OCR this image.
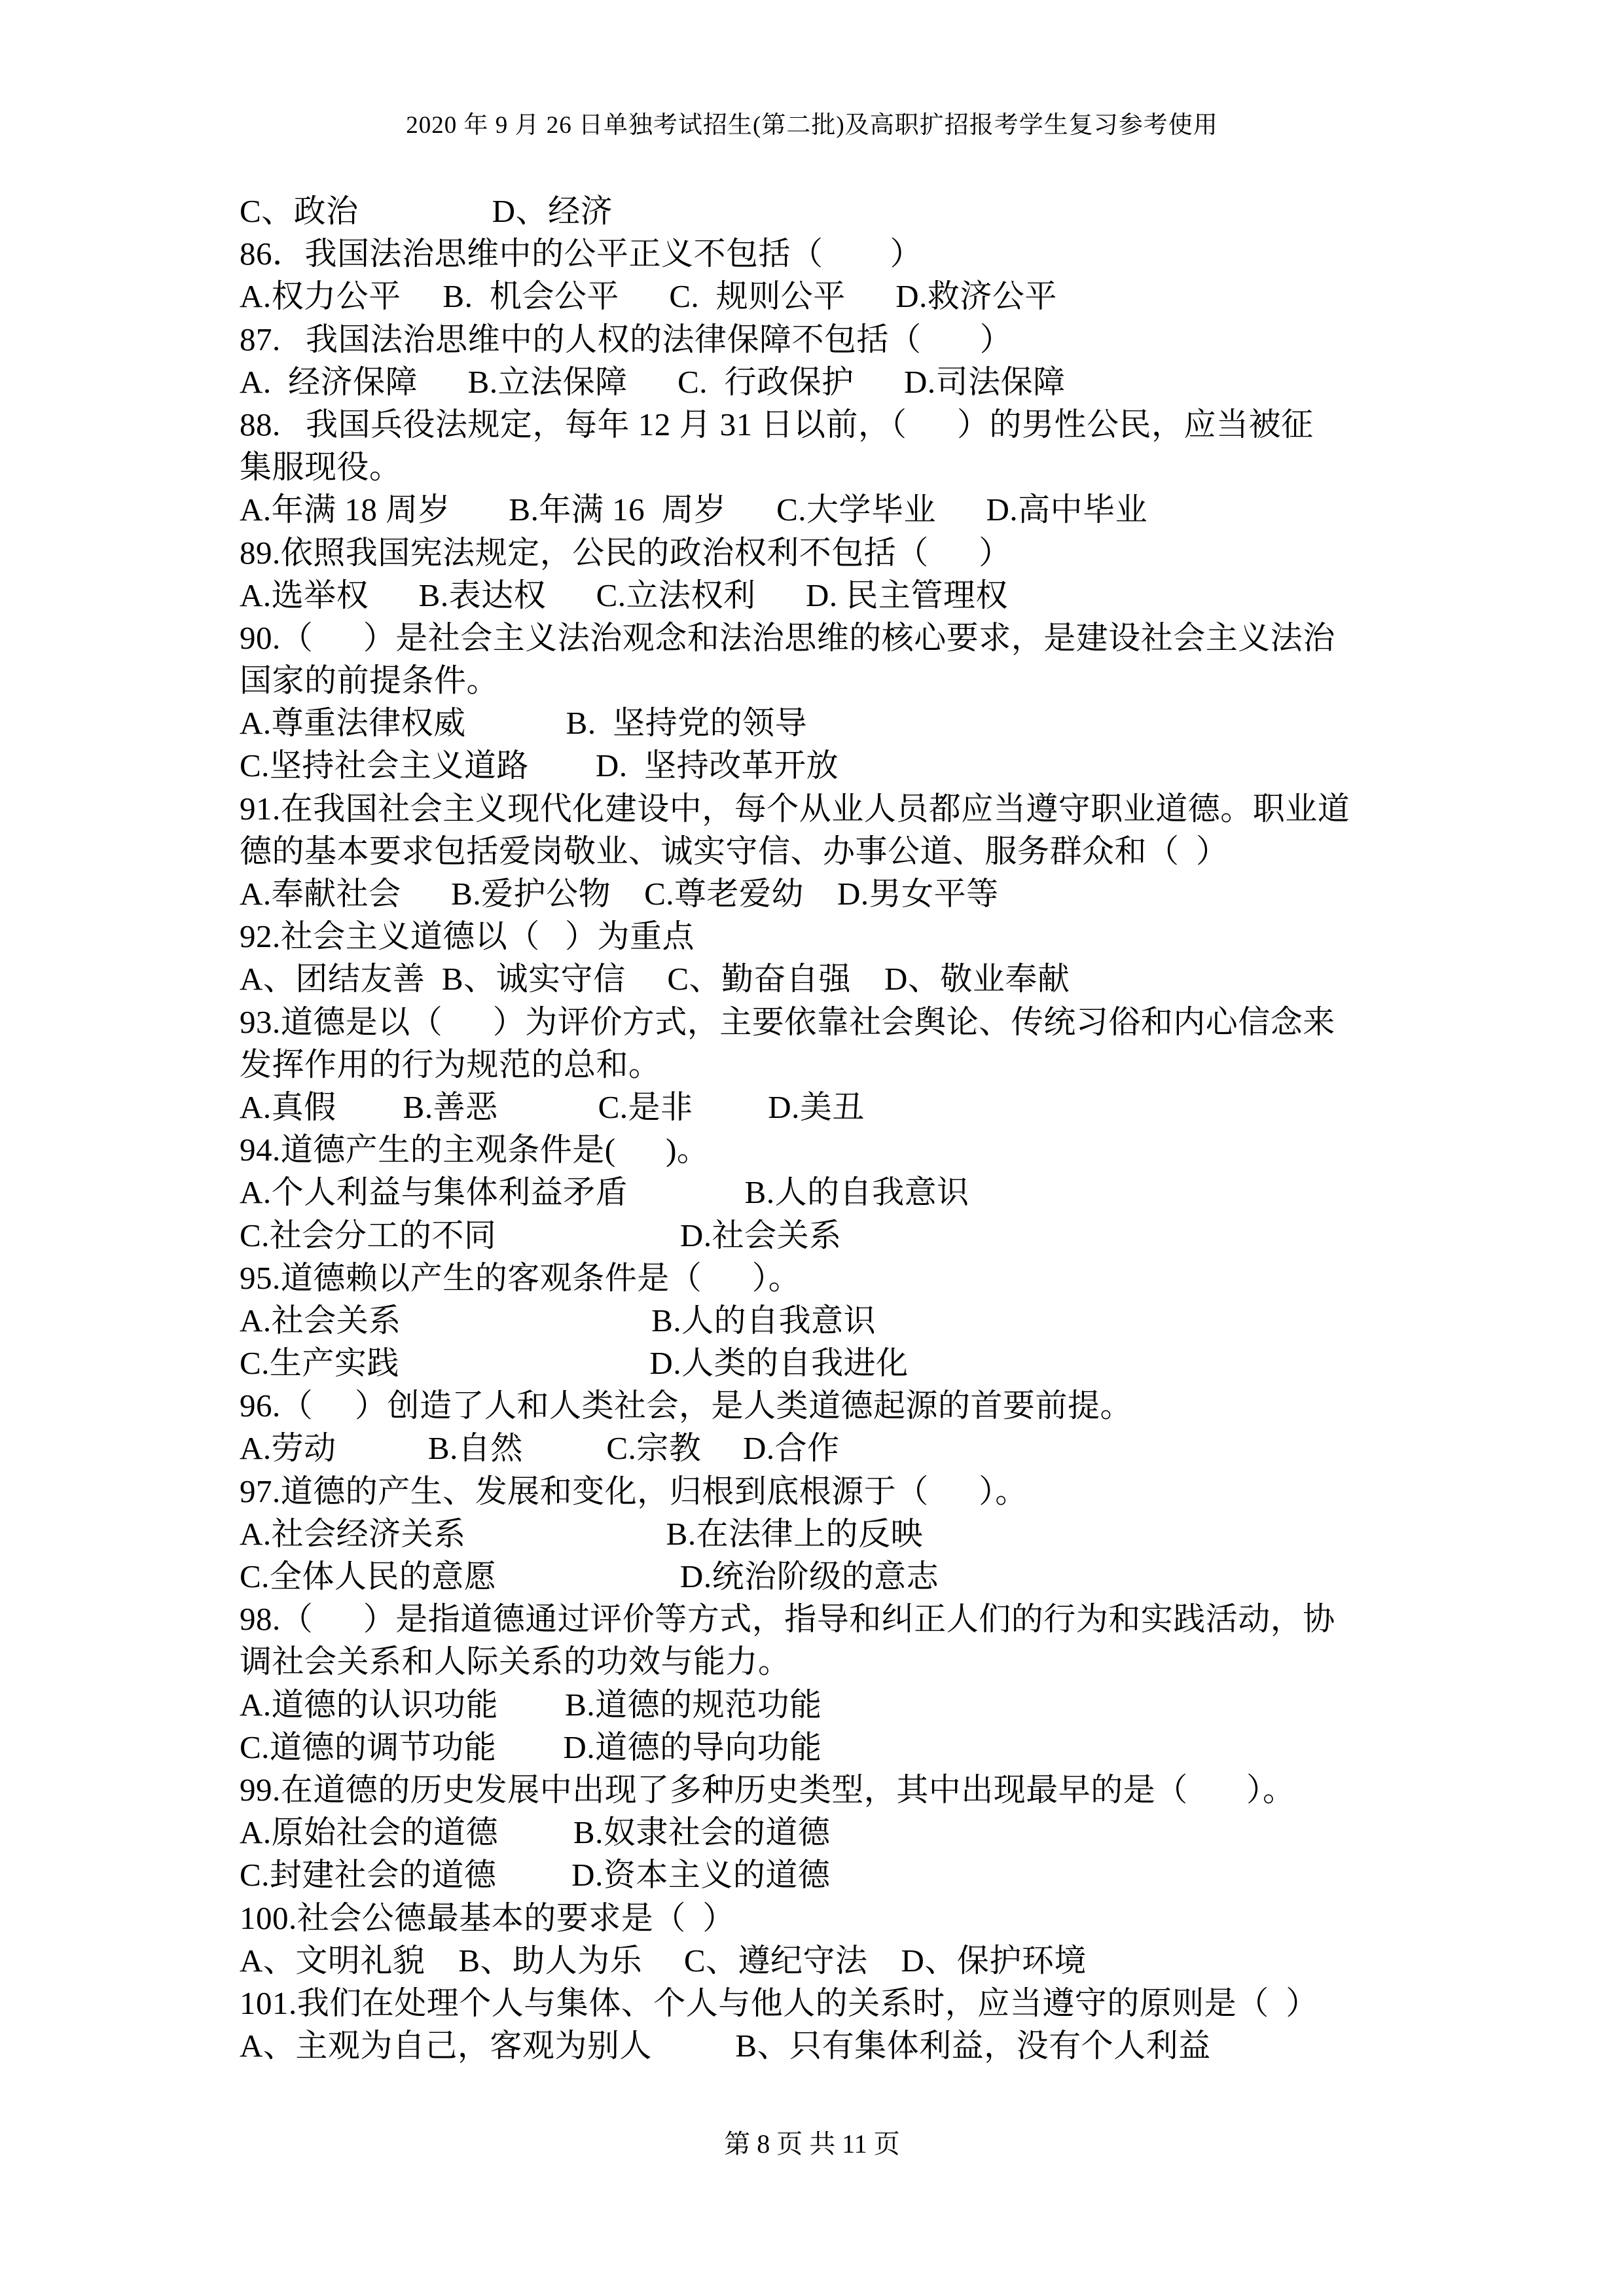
2020 年 9 月 26 日单独考试招生(第二批)及高职扩招报考学生复习参考使用
C、政治                D、经济
86．我国法治思维中的公平正义不包括（        ）
A.权力公平     B.  机会公平      C.  规则公平      D.救济公平
87.   我国法治思维中的人权的法律保障不包括（       ）
A.  经济保障      B.立法保障      C.  行政保护      D.司法保障
88.   我国兵役法规定，每年 12 月 31 日以前，（      ）的男性公民，应当被征
集服现役。
A.年满 18 周岁       B.年满 16  周岁      C.大学毕业      D.高中毕业
89.依照我国宪法规定，公民的政治权利不包括（      ）
A.选举权      B.表达权      C.立法权利      D. 民主管理权
90.（      ）是社会主义法治观念和法治思维的核心要求，是建设社会主义法治
国家的前提条件。
A.尊重法律权威            B.  坚持党的领导
C.坚持社会主义道路        D.  坚持改革开放
91.在我国社会主义现代化建设中，每个从业人员都应当遵守职业道德。职业道
德的基本要求包括爱岗敬业、诚实守信、办事公道、服务群众和（  ）
A.奉献社会      B.爱护公物    C.尊老爱幼    D.男女平等
92.社会主义道德以（   ）为重点
A、团结友善  B、诚实守信     C、勤奋自强    D、敬业奉献
93.道德是以（      ）为评价方式，主要依靠社会舆论、传统习俗和内心信念来
发挥作用的行为规范的总和。
A.真假        B.善恶            C.是非         D.美丑
94.道德产生的主观条件是(      )。
A.个人利益与集体利益矛盾              B.人的自我意识
C.社会分工的不同                      D.社会关系
95.道德赖以产生的客观条件是（      ）。
A.社会关系                              B.人的自我意识
C.生产实践                              D.人类的自我进化
96.（     ）创造了人和人类社会，是人类道德起源的首要前提。
A.劳动           B.自然          C.宗教     D.合作
97.道德的产生、发展和变化，归根到底根源于（      ）。
A.社会经济关系                        B.在法律上的反映
C.全体人民的意愿                      D.统治阶级的意志
98.（      ）是指道德通过评价等方式，指导和纠正人们的行为和实践活动，协
调社会关系和人际关系的功效与能力。
A.道德的认识功能        B.道德的规范功能
C.道德的调节功能        D.道德的导向功能
99.在道德的历史发展中出现了多种历史类型，其中出现最早的是（       ）。
A.原始社会的道德         B.奴隶社会的道德
C.封建社会的道德         D.资本主义的道德
100.社会公德最基本的要求是（  ）
A、文明礼貌    B、助人为乐     C、遵纪守法    D、保护环境
101.我们在处理个人与集体、个人与他人的关系时，应当遵守的原则是（  ）
A、主观为自己，客观为别人          B、只有集体利益，没有个人利益
第 8 页 共 11 页
